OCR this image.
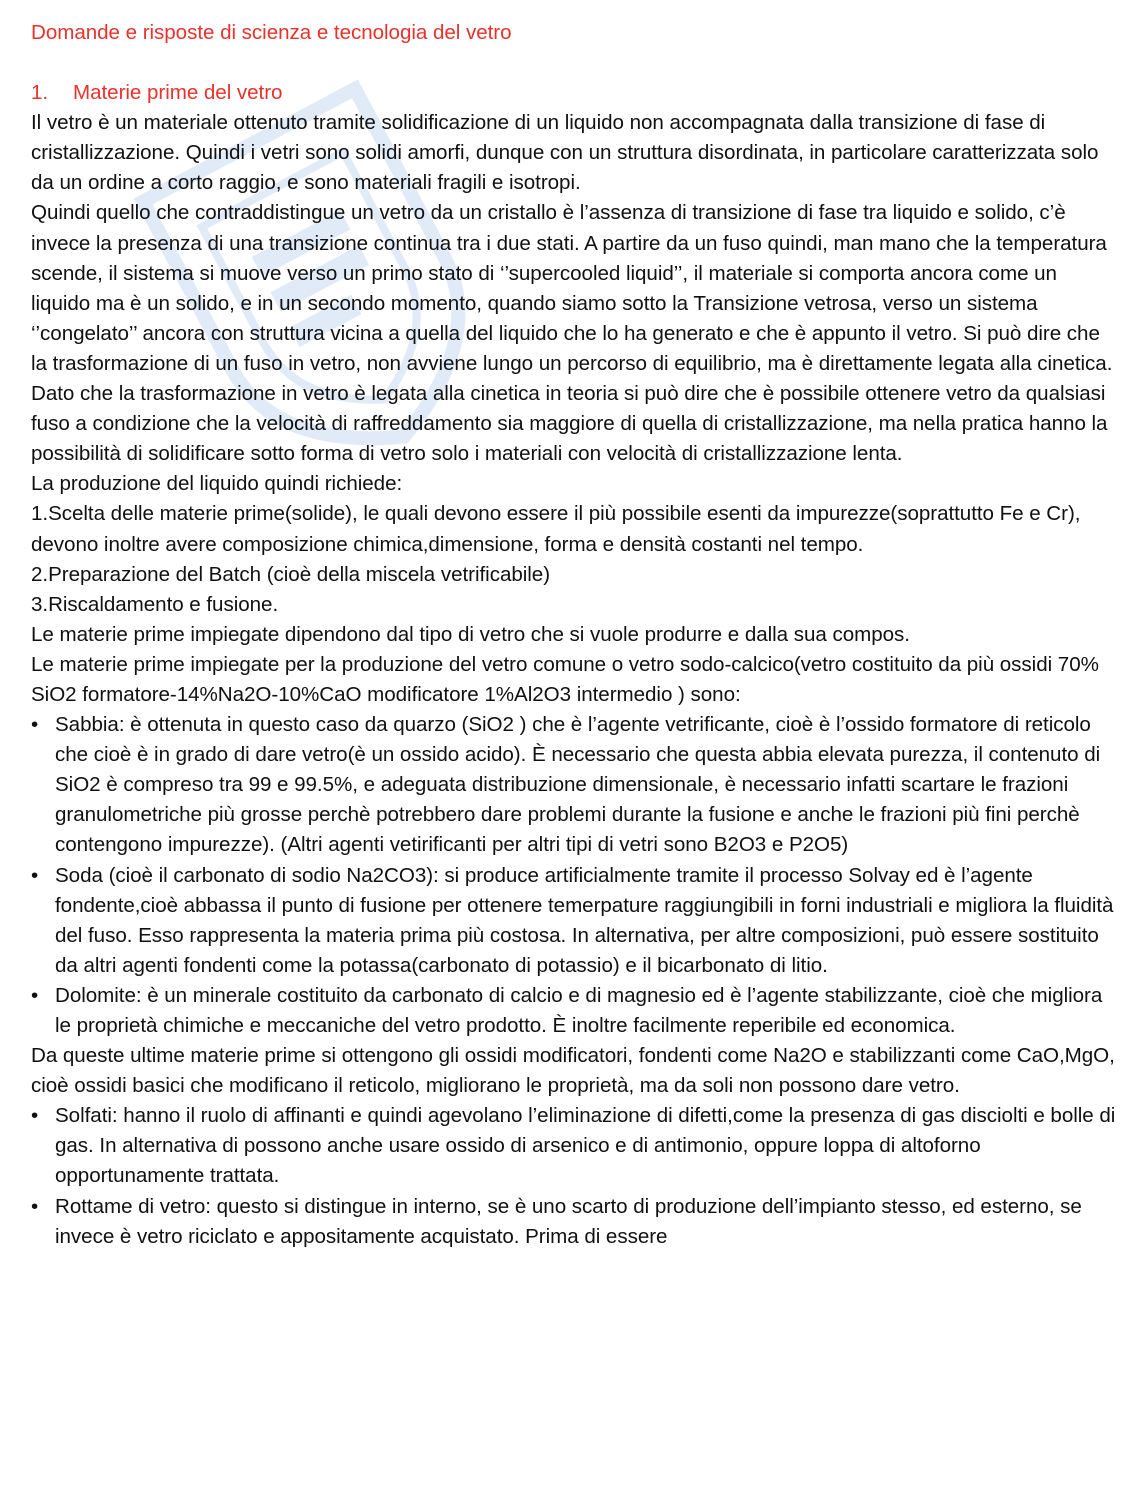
Domande e risposte di scienza e tecnologia del vetro
1. Materie prime del vetro

Il vetro è un materiale ottenuto tramite solidificazione di un liquido non accompagnata dalla transizione di fase di cristallizzazione. Quindi i vetri sono solidi amorfi, dunque con un struttura disordinata, in particolare caratterizzata solo da un ordine a corto raggio, e sono materiali fragili e isotropi.

Quindi quello che contraddistingue un vetro da un cristallo è l’assenza di transizione di fase tra liquido e solido, c’è invece la presenza di una transizione continua tra i due stati. A partire da un fuso quindi, man mano che la temperatura scende, il sistema si muove verso un primo stato di ‘’supercooled liquid’’, il materiale si comporta ancora come un liquido ma è un solido, e in un secondo momento, quando siamo sotto la Transizione vetrosa, verso un sistema ‘’congelato’’ ancora con struttura vicina a quella del liquido che lo ha generato e che è appunto il vetro. Si può dire che la trasformazione di un fuso in vetro, non avviene lungo un percorso di equilibrio, ma è direttamente legata alla cinetica. Dato che la trasformazione in vetro è legata alla cinetica in teoria si può dire che è possibile ottenere vetro da qualsiasi fuso a condizione che la velocità di raffreddamento sia maggiore di quella di cristallizzazione, ma nella pratica hanno la possibilità di solidificare sotto forma di vetro solo i materiali con velocità di cristallizzazione lenta.

La produzione del liquido quindi richiede:

1.Scelta delle materie prime(solide), le quali devono essere il più possibile esenti da impurezze(soprattutto Fe e Cr), devono inoltre avere composizione chimica,dimensione, forma e densità costanti nel tempo.

2.Preparazione del Batch (cioè della miscela vetrificabile)

3.Riscaldamento e fusione.

Le materie prime impiegate dipendono dal tipo di vetro che si vuole produrre e dalla sua compos.

Le materie prime impiegate per la produzione del vetro comune o vetro sodo-calcico(vetro costituito da più ossidi 70% SiO2 formatore-14%Na2O-10%CaO modificatore 1%Al2O3 intermedio ) sono:

• Sabbia: è ottenuta in questo caso da quarzo (SiO2 ) che è l’agente vetrificante, cioè è l’ossido formatore di reticolo che cioè è in grado di dare vetro(è un ossido acido). È necessario che questa abbia elevata purezza, il contenuto di SiO2 è compreso tra 99 e 99.5%, e adeguata distribuzione dimensionale, è necessario infatti scartare le frazioni granulometriche più grosse perchè potrebbero dare problemi durante la fusione e anche le frazioni più fini perchè contengono impurezze). (Altri agenti vetirificanti per altri tipi di vetri sono B2O3 e P2O5)
• Soda (cioè il carbonato di sodio Na2CO3): si produce artificialmente tramite il processo Solvay ed è l’agente fondente,cioè abbassa il punto di fusione per ottenere temerpature raggiungibili in forni industriali e migliora la fluidità del fuso. Esso rappresenta la materia prima più costosa. In alternativa, per altre composizioni, può essere sostituito da altri agenti fondenti come la potassa(carbonato di potassio) e il bicarbonato di litio.
• Dolomite: è un minerale costituito da carbonato di calcio e di magnesio ed è l’agente stabilizzante, cioè che migliora le proprietà chimiche e meccaniche del vetro prodotto. È inoltre facilmente reperibile ed economica.

Da queste ultime materie prime si ottengono gli ossidi modificatori, fondenti come Na2O e stabilizzanti come CaO,MgO, cioè ossidi basici che modificano il reticolo, migliorano le proprietà, ma da soli non possono dare vetro.

• Solfati: hanno il ruolo di affinanti e quindi agevolano l’eliminazione di difetti,come la presenza di gas disciolti e bolle di gas. In alternativa di possono anche usare ossido di arsenico e di antimonio, oppure loppa di altoforno opportunamente trattata.
• Rottame di vetro: questo si distingue in interno, se è uno scarto di produzione dell’impianto stesso, ed esterno, se invece è vetro riciclato e appositamente acquistato. Prima di essere
